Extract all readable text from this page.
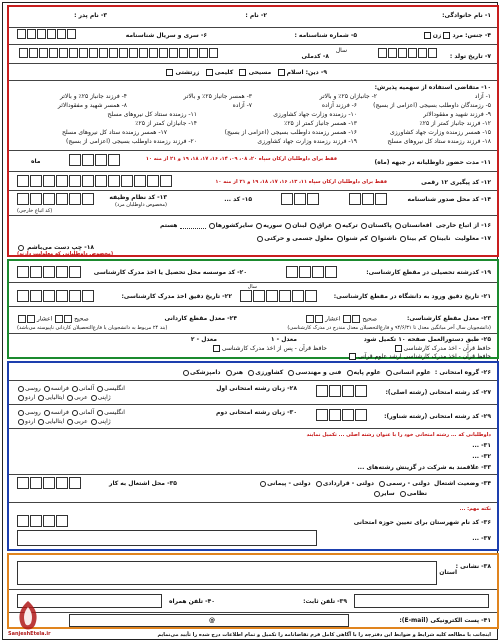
۱- نام خانوادگی:
۲- نام :
۳- نام پدر :
۴- جنس: مرد  زن
۵- شماره شناسنامه :
۶- سری و سریال شناسنامه
۷- تاریخ تولد :
سال
۸- کدملی
۹- دین: اسلام    مسیحی    کلیمی    زرتشتی
۱۰- متقاضی استفاده از سهمیه پذیرش:
۱- آزاد
۲- جانبازان ۲۵٪ و بالاتر
۳- همسر جانباز ۲۵٪ و بالاتر
۴- فرزند جانباز ۲۵٪ و بالاتر
۵- رزمندگان داوطلب بسیجی (اعزامی از بسیج)
۶- فرزند آزاده
۷- آزاده
۸- همسر شهید و مفقودالاثر
۹- فرزند شهید و مفقودالاثر
۱۰- رزمنده وزارت جهاد کشاورزی
۱۱- رزمنده سنتاد کل نیروهای مسلح
۱۲- فرزند جانباز کمتر از ۲۵٪
۱۳- همسر جانباز کمتر از ۲۵٪
۱۴- جانبازان کمتر از ۲۵٪
۱۵- همسر رزمنده وزارت جهاد کشاورزی
۱۶- همسر رزمنده داوطلب بسیجی (اعزامی از بسیج)
۱۷- همسر رزمنده ستاد کل نیروهای مسلح
۱۸- فرزند رزمنده ستاد کل نیروهای مسلح
۱۹- فرزند رزمنده وزارت جهاد کشاورزی
۲۰- فرزند رزمنده داوطلب بسیجی (اعزامی از بسیج)
۱۱- مدت حضور داوطلبانه در جبهه (ماه)
فقط برای داوطلبان ارکان سپاه ۲۰، ۰۸، ۰۹، ۱۴، ۱۶، ۱۷، ۱۸، ۱۹ و ۲۱ از منه ۱۰
ماه
۱۲- کد پیگیری ۱۲ رقمی
فقط برای داوطلبان ارکان سپاه ۱۱، ۱۳، ۱۶، ۱۷، ۱۸، ۱۹ و ۲۱ از منه ۱۰
۱۴- کد محل صدور شناسنامه
۱۳- کد نظام وظیفه
(مخصوص داوطلبان مرد)
۱۵- کد ...
(کد اتباع خارجی)
۱۶- از اتباع خارجی  افغانستان پاکستان ترکیه عراق لبنان سوریه سایرکشورها  هستم
۱۷- معلولیت  نابینا کم بینا ناشنوا کم شنوا معلول جسمی و حرکتی
۱۸- چپ دست می‌باشم
(مخصوص داوطلبانی که معلولیت دارند)
۱۹- کدرشته تحصیلی در مقطع کارشناسی:
۲۰- کد موسسه محل تحصیل یا اخذ مدرک کارشناسی
۲۱- تاریخ دقیق ورود به دانشگاه در مقطع کارشناسی:
سال
۲۲- تاریخ دقیق اخذ مدرک کارشناسی:
۲۳- معدل مقطع کارشناسی:
صحیح  اعشار
۲۴- معدل مقطع کاردانی
صحیح  اعشار
(دانشجویان سال آخر میانگین معدل تا ۹۴/۶/۳۱ و فارغ‌التحصیلان معدل مندرج در مدرک کارشناسی)
(بند ۲۴ مربوط به دانشجویان یا فارغ‌التحصیلان کاردانی ناپیوسته می‌باشد)
۲۵- طبق دستورالعمل صفحه ۱۰ تکمیل شود
معدل - ۱
معدل - ۲
حافظ قرآن - اخذ مدرک کارشناسی
حافظ قرآن - پس از اخذ مدرک کارشناسی
حافظ قرآن - اخذ مدرک کارشناسی ارشد علوم قرآنی
۲۶- گروه امتحانی :  علوم انسانی  علوم پایه  فنی و مهندسی  کشاورزی  هنر  دامپزشکی
۲۷- کد رشته امتحانی (رشته اصلی):
۲۸- زبان رشته امتحانی اول
انگلیسی آلمانی فرانسه روسی
ژاپنی عربی ایتالیایی اردو
۲۹- کد رشته امتحانی (رشته شناور):
۳۰- زبان رشته امتحانی دوم
انگلیسی آلمانی فرانسه روسی
ژاپنی عربی ایتالیایی اردو
داوطلبانی که ... رشته امتحانی خود را با عنوان رشته اصلی ... تکمیل نمایند
۳۱- ...
۳۲- ...
۳۳- علاقمند به شرکت در گزینش رشته‌های ...
۳۴- وضعیت اشتغال  دولتی - رسمی  دولتی - قراردادی  دولتی - پیمانی
نظامی  سایر
۳۵- محل اشتغال به کار
نکته مهم: ...
۳۶- کد نام شهرستان برای تعیین حوزه امتحانی
۳۷- ...
۳۸- نشانی :
استان
۳۹- تلفن ثابت:
۴۰- تلفن همراه
۴۱- پست الکترونیکی (E-mail):
@
اینجانب با مطالعه کلیه شرایط و ضوابط این دفترچه را با آگاهی کامل فرم تقاضانامه را تکمیل و تمام اطلاعات درج شده را تأیید می‌نمایم
SanjeshEtela.ir
